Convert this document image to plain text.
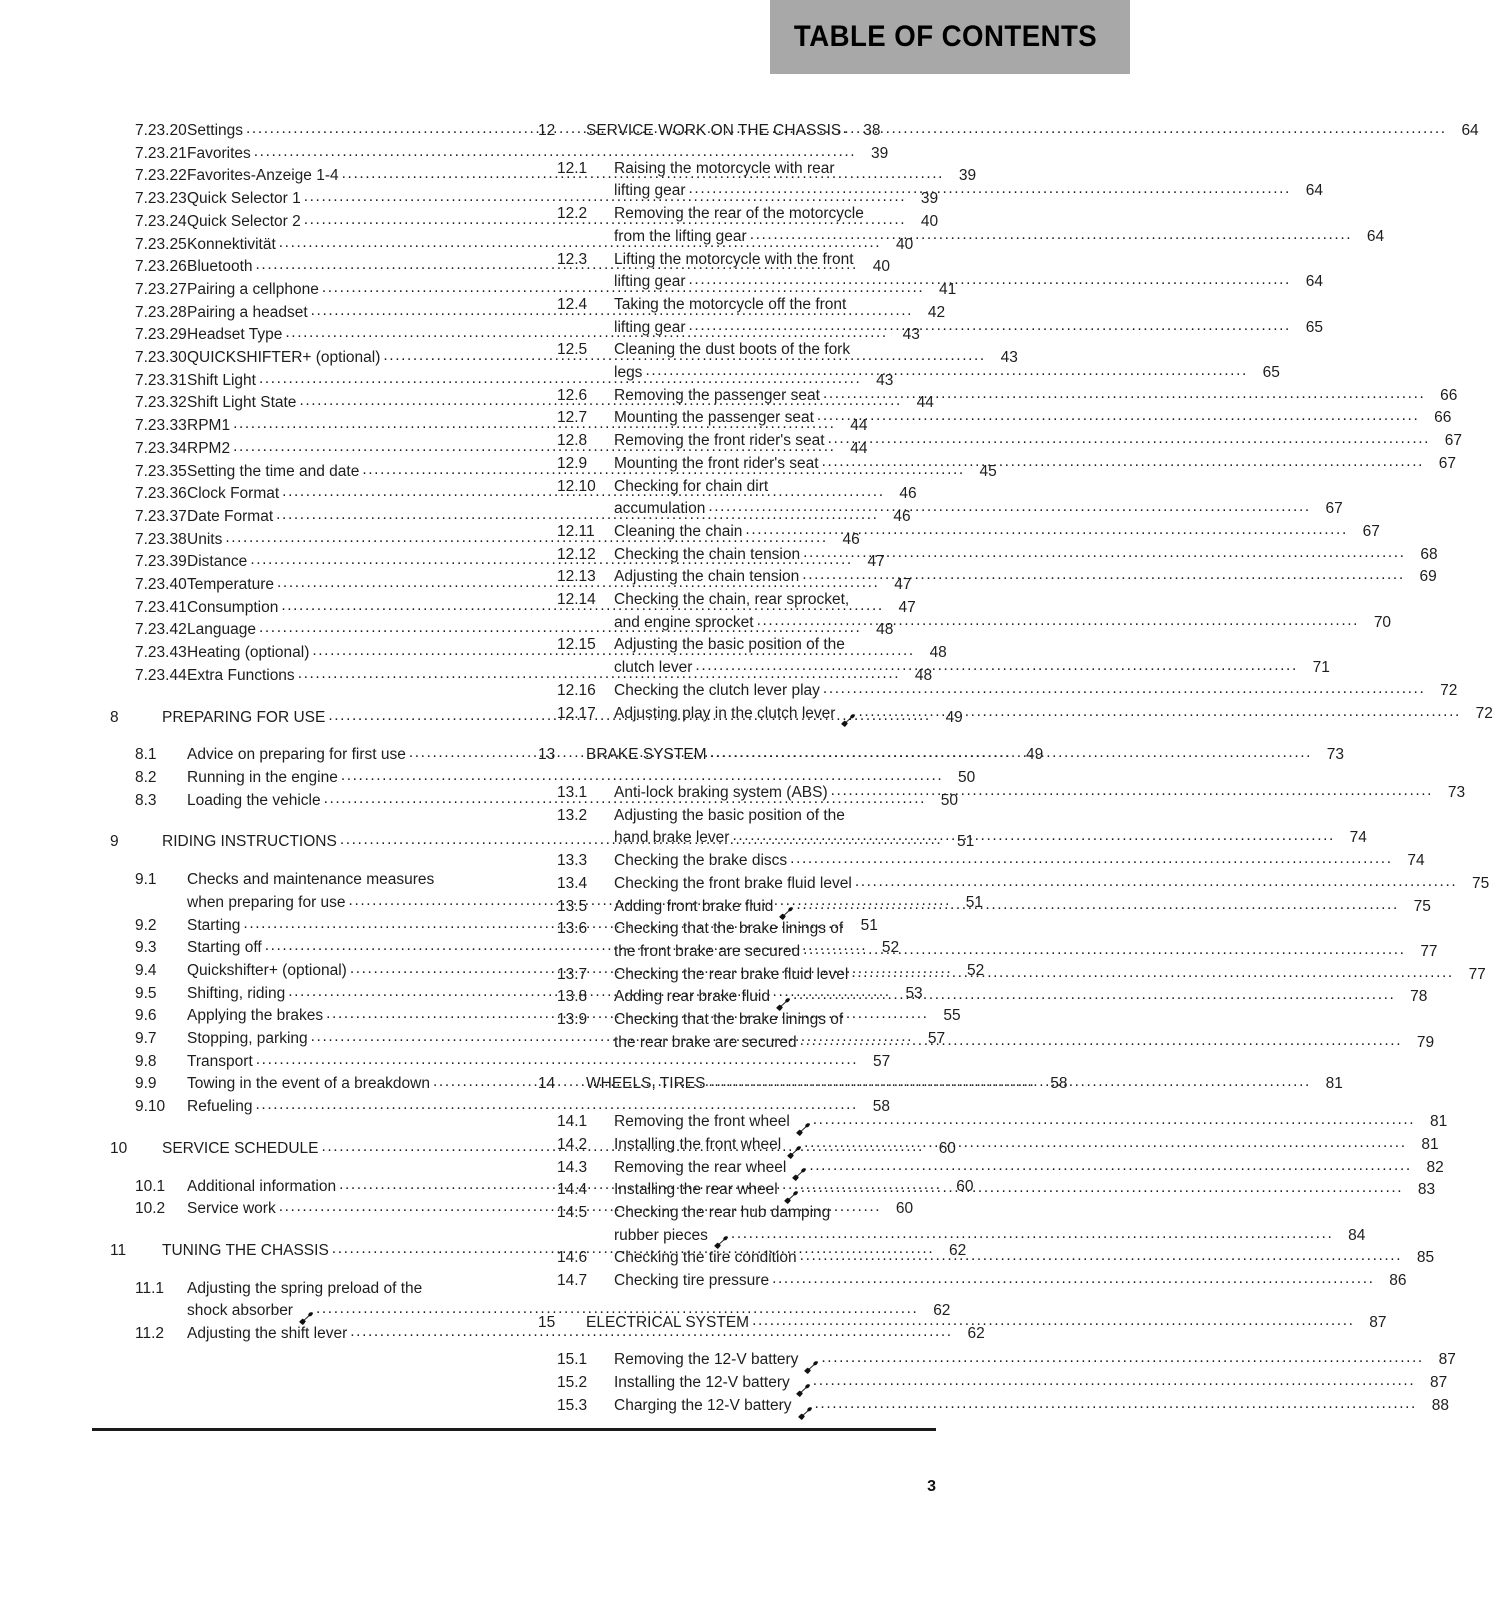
TABLE OF CONTENTS
7.23.20 Settings .....	38
7.23.21 Favorites .....	39
7.23.22 Favorites-Anzeige 1-4 .....	39
7.23.23 Quick Selector 1 .....	39
7.23.24 Quick Selector 2 .....	40
7.23.25 Konnektivität .....	40
7.23.26 Bluetooth .....	40
7.23.27 Pairing a cellphone .....	41
7.23.28 Pairing a headset .....	42
7.23.29 Headset Type .....	43
7.23.30 QUICKSHIFTER+ (optional) .....	43
7.23.31 Shift Light .....	43
7.23.32 Shift Light State .....	44
7.23.33 RPM1 .....	44
7.23.34 RPM2 .....	44
7.23.35 Setting the time and date .....	45
7.23.36 Clock Format .....	46
7.23.37 Date Format .....	46
7.23.38 Units .....	46
7.23.39 Distance .....	47
7.23.40 Temperature .....	47
7.23.41 Consumption .....	47
7.23.42 Language .....	48
7.23.43 Heating (optional) .....	48
7.23.44 Extra Functions .....	48
8	PREPARING FOR USE .....	49
8.1	Advice on preparing for first use .....	49
8.2	Running in the engine .....	50
8.3	Loading the vehicle .....	50
9	RIDING INSTRUCTIONS .....	51
9.1	Checks and maintenance measures
when preparing for use .....	51
9.2	Starting .....	51
9.3	Starting off .....	52
9.4	Quickshifter+ (optional) .....	52
9.5	Shifting, riding .....	53
9.6	Applying the brakes .....	55
9.7	Stopping, parking .....	57
9.8	Transport .....	57
9.9	Towing in the event of a breakdown .....	58
9.10	Refueling .....	58
10	SERVICE SCHEDULE .....	60
10.1	Additional information .....	60
10.2	Service work .....	60
11	TUNING THE CHASSIS .....	62
11.1	Adjusting the spring preload of the
shock absorber .....	62
11.2	Adjusting the shift lever .....	62
12	SERVICE WORK ON THE CHASSIS .....	64
12.1	Raising the motorcycle with rear
lifting gear .....	64
12.2	Removing the rear of the motorcycle
from the lifting gear .....	64
12.3	Lifting the motorcycle with the front
lifting gear .....	64
12.4	Taking the motorcycle off the front
lifting gear .....	65
12.5	Cleaning the dust boots of the fork
legs .....	65
12.6	Removing the passenger seat .....	66
12.7	Mounting the passenger seat .....	66
12.8	Removing the front rider's seat .....	67
12.9	Mounting the front rider's seat .....	67
12.10	Checking for chain dirt
accumulation .....	67
12.11	Cleaning the chain .....	67
12.12	Checking the chain tension .....	68
12.13	Adjusting the chain tension .....	69
12.14	Checking the chain, rear sprocket,
and engine sprocket .....	70
12.15	Adjusting the basic position of the
clutch lever .....	71
12.16	Checking the clutch lever play .....	72
12.17	Adjusting play in the clutch lever .....	72
13	BRAKE SYSTEM .....	73
13.1	Anti-lock braking system (ABS) .....	73
13.2	Adjusting the basic position of the
hand brake lever .....	74
13.3	Checking the brake discs .....	74
13.4	Checking the front brake fluid level .....	75
13.5	Adding front brake fluid .....	75
13.6	Checking that the brake linings of
the front brake are secured .....	77
13.7	Checking the rear brake fluid level .....	77
13.8	Adding rear brake fluid .....	78
13.9	Checking that the brake linings of
the rear brake are secured .....	79
14	WHEELS, TIRES .....	81
14.1	Removing the front wheel .....	81
14.2	Installing the front wheel .....	81
14.3	Removing the rear wheel .....	82
14.4	Installing the rear wheel .....	83
14.5	Checking the rear hub damping
rubber pieces .....	84
14.6	Checking the tire condition .....	85
14.7	Checking tire pressure .....	86
15	ELECTRICAL SYSTEM .....	87
15.1	Removing the 12-V battery .....	87
15.2	Installing the 12-V battery .....	87
15.3	Charging the 12-V battery .....	88
3
